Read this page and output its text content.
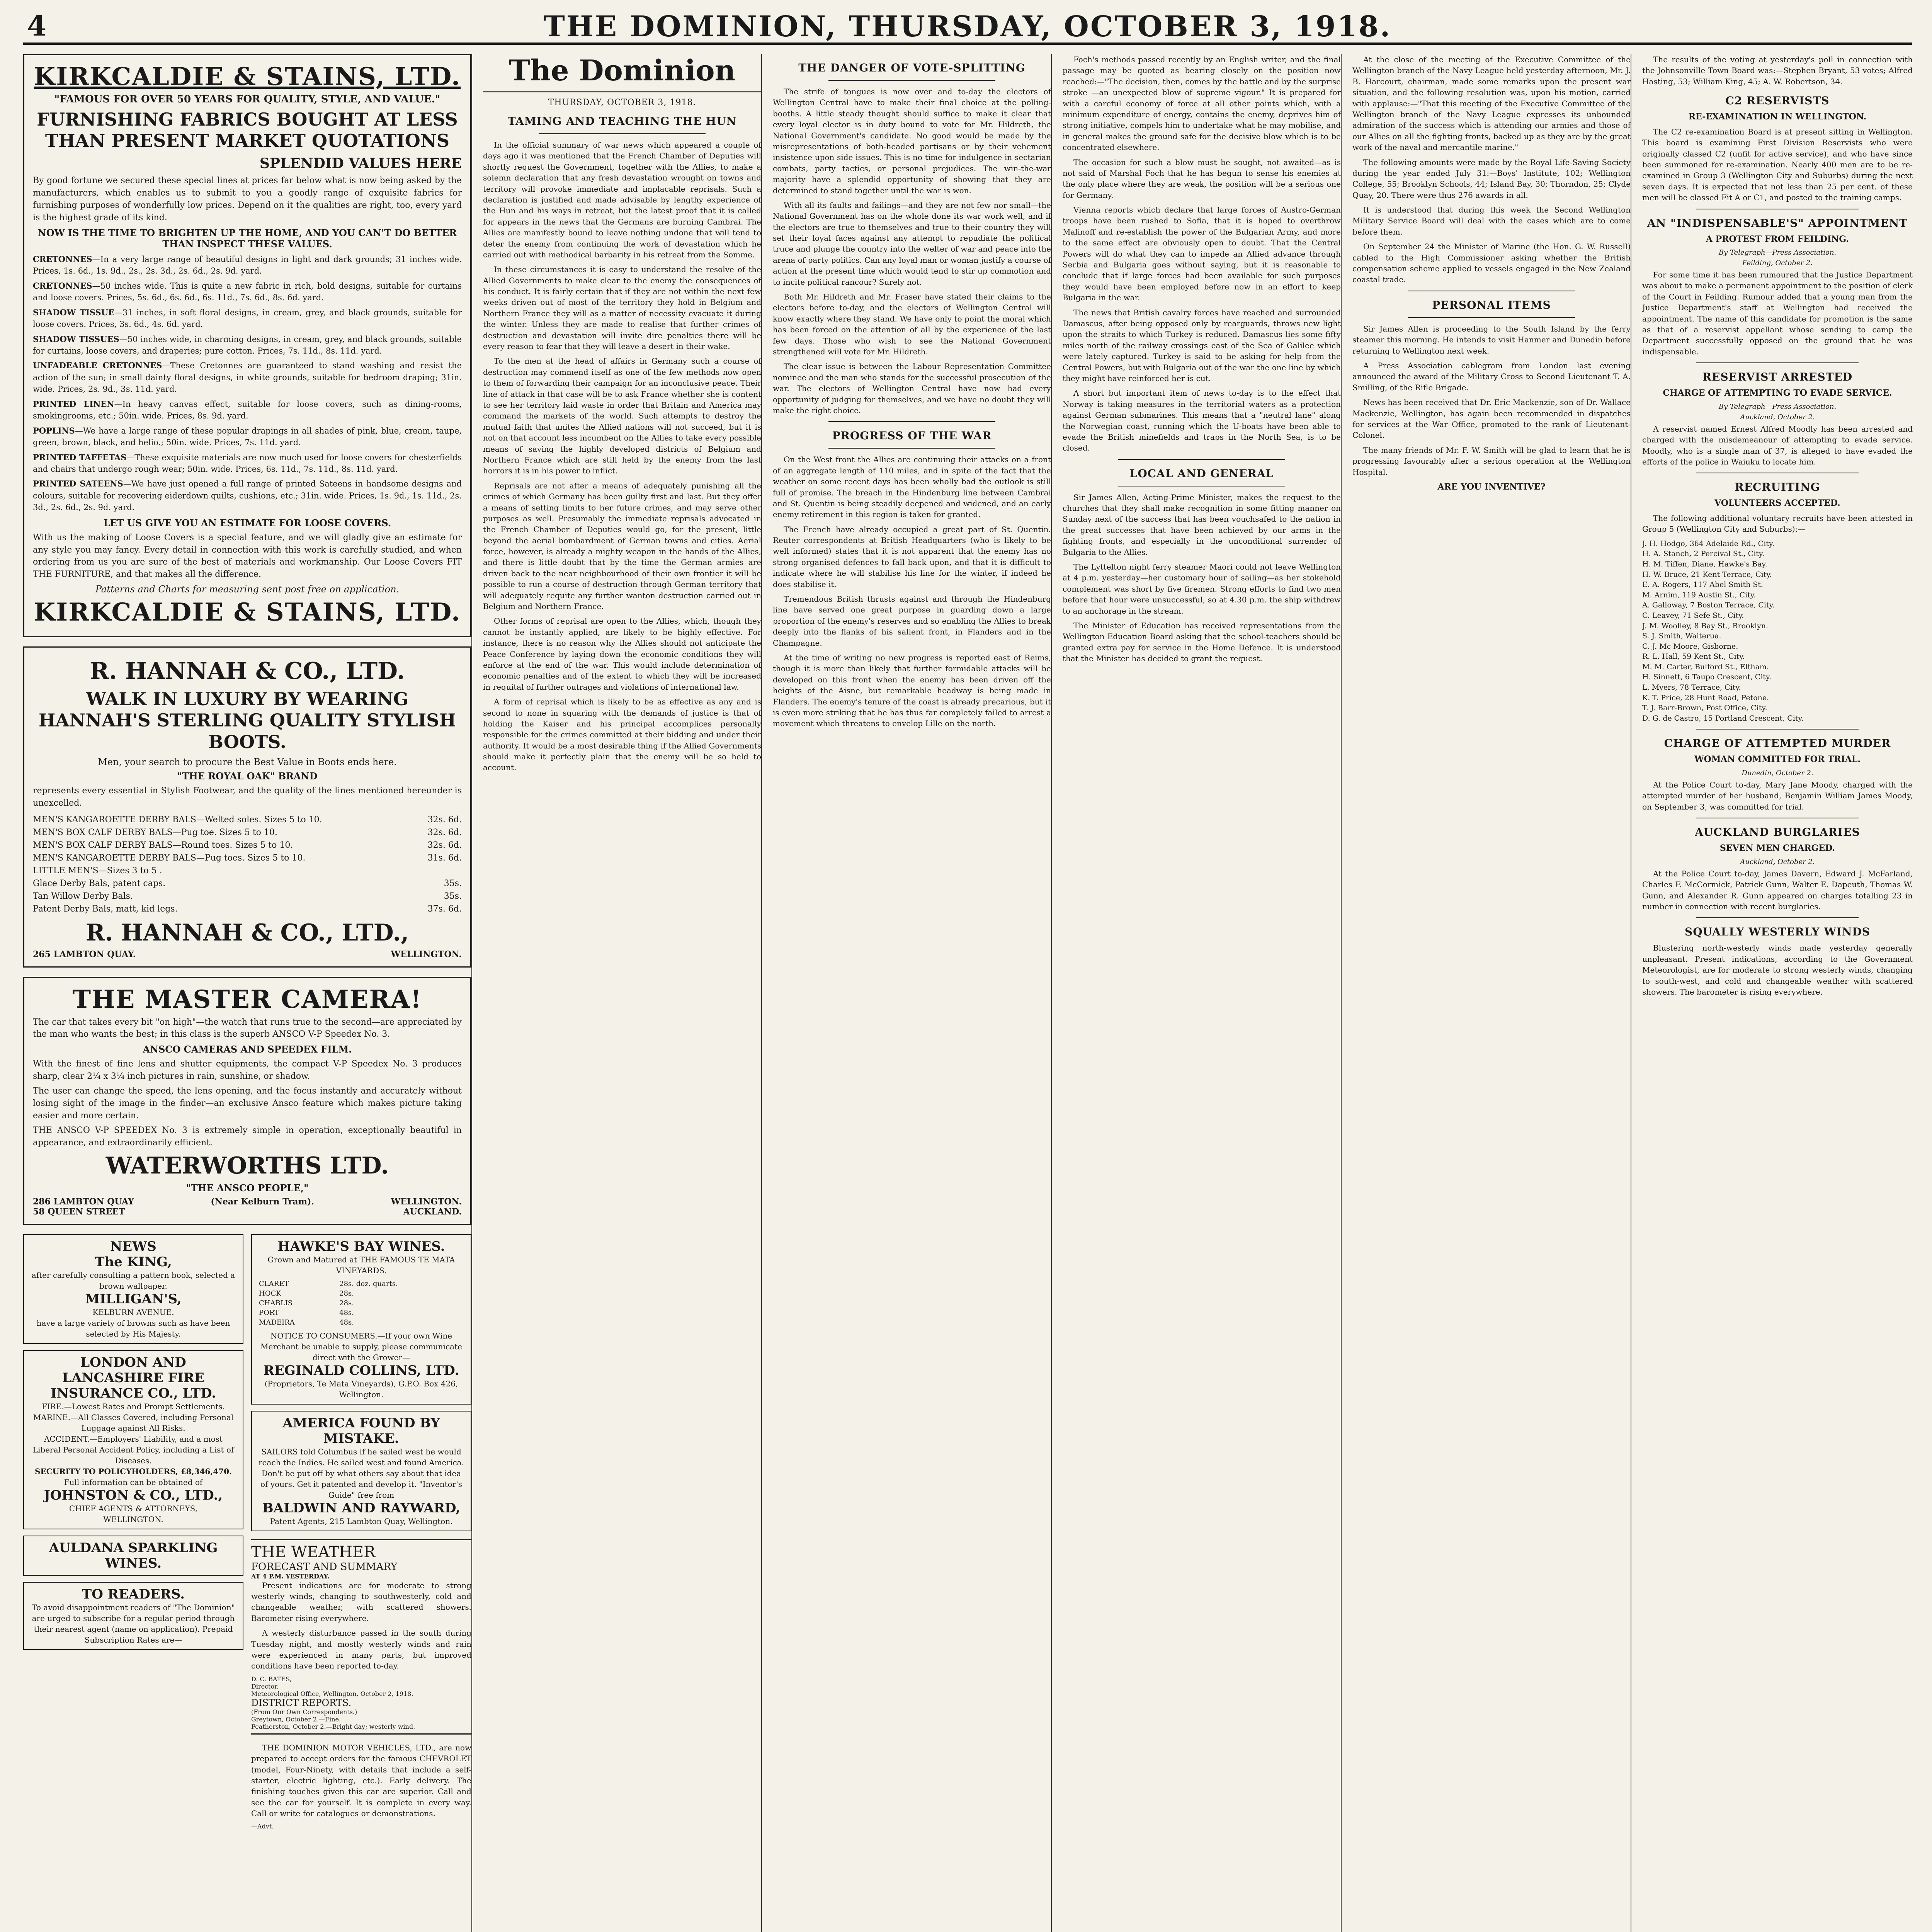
4	THE DOMINION, THURSDAY, OCTOBER 3, 1918.
KIRKCALDIE & STAINS, LTD.
"FAMOUS FOR OVER 50 YEARS FOR QUALITY, STYLE, AND VALUE."
FURNISHING FABRICS BOUGHT AT LESS THAN PRESENT MARKET QUOTATIONS
SPLENDID VALUES HERE

By good fortune we secured these special lines at prices far below what is now being asked by the manufacturers, which enables us to submit to you a goodly range of exquisite fabrics for furnishing purposes of wonderfully low prices. Depend on it the qualities are right, too, every yard is the highest grade of its kind.

NOW IS THE TIME TO BRIGHTEN UP THE HOME, AND YOU CAN'T DO BETTER THAN INSPECT THESE VALUES.
CRETONNES—In a very large range of beautiful designs in light and dark grounds; 31 inches wide. Prices, 1s. 6d., 1s. 9d., 2s., 2s. 3d., 2s. 6d., 2s. 9d. yard.
CRETONNES—50 inches wide. This is quite a new fabric in rich, bold designs, suitable for curtains and loose covers. Prices, 5s. 6d., 6s. 6d., 6s. 11d., 7s. 6d., 8s. 6d. yard.
SHADOW TISSUE—31 inches, in soft floral designs, in cream, grey, and black grounds, suitable for loose covers. Prices, 3s. 6d., 4s. 6d. yard.
SHADOW TISSUES—50 inches wide, in charming designs, in cream, grey, and black grounds, suitable for curtains, loose covers, and draperies; pure cotton. Prices, 7s. 11d., 8s. 11d. yard.
UNFADEABLE CRETONNES—These Cretonnes are guaranteed to stand washing and resist the action of the sun; in small dainty floral designs, in white grounds, suitable for bedroom draping; 31in. wide. Prices, 2s. 9d., 3s. 11d. yard.
PRINTED LINEN—In heavy canvas effect, suitable for loose covers, such as dining-rooms, smokingrooms, etc.; 50in. wide. Prices, 8s. 9d. yard.
POPLINS—We have a large range of these popular drapings in all shades of pink, blue, cream, taupe, green, brown, black, and helio.; 50in. wide. Prices, 7s. 11d. yard.
PRINTED TAFFETAS—These exquisite materials are now much used for loose covers for chesterfields and chairs that undergo rough wear; 50in. wide. Prices, 6s. 11d., 7s. 11d., 8s. 11d. yard.
PRINTED SATEENS—We have just opened a full range of printed Sateens in handsome designs and colours, suitable for recovering eiderdown quilts, cushions, etc.; 31in. wide. Prices, 1s. 9d., 1s. 11d., 2s. 3d., 2s. 6d., 2s. 9d. yard.
LET US GIVE YOU AN ESTIMATE FOR LOOSE COVERS.

With us the making of Loose Covers is a special feature, and we will gladly give an estimate for any style you may fancy. Every detail in connection with this work is carefully studied, and when ordering from us you are sure of the best of materials and workmanship. Our Loose Covers FIT THE FURNITURE, and that makes all the difference.

Patterns and Charts for measuring sent post free on application.
KIRKCALDIE & STAINS, LTD.
R. HANNAH & CO., LTD.
WALK IN LUXURY BY WEARING HANNAH'S STERLING QUALITY STYLISH BOOTS.
Men, your search to procure the Best Value in Boots ends here.
"THE ROYAL OAK" BRAND

represents every essential in Stylish Footwear, and the quality of the lines mentioned hereunder is unexcelled.

MEN'S KANGAROETTE DERBY BALS—Welted soles. Sizes 5 to 10.	32s. 6d.
MEN'S BOX CALF DERBY BALS—Pug toe. Sizes 5 to 10.	32s. 6d.
MEN'S BOX CALF DERBY BALS—Round toes. Sizes 5 to 10.	32s. 6d.
MEN'S KANGAROETTE DERBY BALS—Pug toes. Sizes 5 to 10.	31s. 6d.
LITTLE MEN'S—Sizes 3 to 5 .
Glace Derby Bals, patent caps.	35s.
Tan Willow Derby Bals.	35s.
Patent Derby Bals, matt, kid legs.	37s. 6d.
R. HANNAH & CO., LTD.,
265 LAMBTON QUAY.	WELLINGTON.
THE MASTER CAMERA!

The car that takes every bit "on high"—the watch that runs true to the second—are appreciated by the man who wants the best; in this class is the superb ANSCO V-P Speedex No. 3.

ANSCO CAMERAS AND SPEEDEX FILM.

With the finest of fine lens and shutter equipments, the compact V-P Speedex No. 3 produces sharp, clear 2¼ x 3¼ inch pictures in rain, sunshine, or shadow.

The user can change the speed, the lens opening, and the focus instantly and accurately without losing sight of the image in the finder—an exclusive Ansco feature which makes picture taking easier and more certain.

THE ANSCO V-P SPEEDEX No. 3 is extremely simple in operation, exceptionally beautiful in appearance, and extraordinarily efficient.

WATERWORTHS LTD.
"THE ANSCO PEOPLE,"
286 LAMBTON QUAY	(Near Kelburn Tram).	WELLINGTON.
58 QUEEN STREET	AUCKLAND.
NEWS
The KING,
after carefully consulting a pattern book, selected a brown wallpaper.
MILLIGAN'S,
KELBURN AVENUE.
have a large variety of browns such as have been selected by His Majesty.
LONDON AND LANCASHIRE FIRE INSURANCE CO., LTD.
FIRE.—Lowest Rates and Prompt Settlements.
MARINE.—All Classes Covered, including Personal Luggage against All Risks.
ACCIDENT.—Employers' Liability, and a most Liberal Personal Accident Policy, including a List of Diseases.
SECURITY TO POLICYHOLDERS, £8,346,470.
Full information can be obtained of
JOHNSTON & CO., LTD.,
CHIEF AGENTS & ATTORNEYS,
WELLINGTON.
AULDANA SPARKLING WINES.
TO READERS.
To avoid disappointment readers of "The Dominion" are urged to subscribe for a regular period through their nearest agent (name on application). Prepaid Subscription Rates are—
HAWKE'S BAY WINES.
Grown and Matured at THE FAMOUS TE MATA VINEYARDS.
CLARET	28s. doz. quarts.
HOCK	28s.
CHABLIS	28s.
PORT	48s.
MADEIRA	48s.
NOTICE TO CONSUMERS.—If your own Wine Merchant be unable to supply, please communicate direct with the Grower—
REGINALD COLLINS, LTD.
(Proprietors, Te Mata Vineyards), G.P.O. Box 426, Wellington.
AMERICA FOUND BY MISTAKE.
SAILORS told Columbus if he sailed west he would reach the Indies. He sailed west and found America. Don't be put off by what others say about that idea of yours. Get it patented and develop it. "Inventor's Guide" free from
BALDWIN AND RAYWARD,
Patent Agents, 215 Lambton Quay, Wellington.
THE WEATHER
FORECAST AND SUMMARY
AT 4 P.M. YESTERDAY.

Present indications are for moderate to strong westerly winds, changing to southwesterly, cold and changeable weather, with scattered showers. Barometer rising everywhere.

A westerly disturbance passed in the south during Tuesday night, and mostly westerly winds and rain were experienced in many parts, but improved conditions have been reported to-day.

D. C. BATES,
Director.
Meteorological Office, Wellington, October 2, 1918.
DISTRICT REPORTS.
(From Our Own Correspondents.)
Greytown, October 2.—Fine.
Featherston, October 2.—Bright day; westerly wind.

THE DOMINION MOTOR VEHICLES, LTD., are now prepared to accept orders for the famous CHEVROLET (model, Four-Ninety, with details that include a self-starter, electric lighting, etc.). Early delivery. The finishing touches given this car are superior. Call and see the car for yourself. It is complete in every way. Call or write for catalogues or demonstrations.

—Advt.
The Dominion
THURSDAY, OCTOBER 3, 1918.
TAMING AND TEACHING THE HUN

In the official summary of war news which appeared a couple of days ago it was mentioned that the French Chamber of Deputies will shortly request the Government, together with the Allies, to make a solemn declaration that any fresh devastation wrought on towns and territory will provoke immediate and implacable reprisals. Such a declaration is justified and made advisable by lengthy experience of the Hun and his ways in retreat, but the latest proof that it is called for appears in the news that the Germans are burning Cambrai. The Allies are manifestly bound to leave nothing undone that will tend to deter the enemy from continuing the work of devastation which he carried out with methodical barbarity in his retreat from the Somme.

In these circumstances it is easy to understand the resolve of the Allied Governments to make clear to the enemy the consequences of his conduct. It is fairly certain that if they are not within the next few weeks driven out of most of the territory they hold in Belgium and Northern France they will as a matter of necessity evacuate it during the winter. Unless they are made to realise that further crimes of destruction and devastation will invite dire penalties there will be every reason to fear that they will leave a desert in their wake.

To the men at the head of affairs in Germany such a course of destruction may commend itself as one of the few methods now open to them of forwarding their campaign for an inconclusive peace. Their line of attack in that case will be to ask France whether she is content to see her territory laid waste in order that Britain and America may command the markets of the world. Such attempts to destroy the mutual faith that unites the Allied nations will not succeed, but it is not on that account less incumbent on the Allies to take every possible means of saving the highly developed districts of Belgium and Northern France which are still held by the enemy from the last horrors it is in his power to inflict.

Reprisals are not after a means of adequately punishing all the crimes of which Germany has been guilty first and last. But they offer a means of setting limits to her future crimes, and may serve other purposes as well. Presumably the immediate reprisals advocated in the French Chamber of Deputies would go, for the present, little beyond the aerial bombardment of German towns and cities. Aerial force, however, is already a mighty weapon in the hands of the Allies, and there is little doubt that by the time the German armies are driven back to the near neighbourhood of their own frontier it will be possible to run a course of destruction through German territory that will adequately requite any further wanton destruction carried out in Belgium and Northern France.

Other forms of reprisal are open to the Allies, which, though they cannot be instantly applied, are likely to be highly effective. For instance, there is no reason why the Allies should not anticipate the Peace Conference by laying down the economic conditions they will enforce at the end of the war. This would include determination of economic penalties and of the extent to which they will be increased in requital of further outrages and violations of international law.

A form of reprisal which is likely to be as effective as any and is second to none in squaring with the demands of justice is that of holding the Kaiser and his principal accomplices personally responsible for the crimes committed at their bidding and under their authority. It would be a most desirable thing if the Allied Governments should make it perfectly plain that the enemy will be so held to account.

THE DANGER OF VOTE-SPLITTING

The strife of tongues is now over and to-day the electors of Wellington Central have to make their final choice at the polling-booths. A little steady thought should suffice to make it clear that every loyal elector is in duty bound to vote for Mr. Hildreth, the National Government's candidate. No good would be made by the misrepresentations of both-headed partisans or by their vehement insistence upon side issues. This is no time for indulgence in sectarian combats, party tactics, or personal prejudices. The win-the-war majority have a splendid opportunity of showing that they are determined to stand together until the war is won.

With all its faults and failings—and they are not few nor small—the National Government has on the whole done its war work well, and if the electors are true to themselves and true to their country they will set their loyal faces against any attempt to repudiate the political truce and plunge the country into the welter of war and peace into the arena of party politics. Can any loyal man or woman justify a course of action at the present time which would tend to stir up commotion and to incite political rancour? Surely not.

Both Mr. Hildreth and Mr. Fraser have stated their claims to the electors before to-day, and the electors of Wellington Central will know exactly where they stand. We have only to point the moral which has been forced on the attention of all by the experience of the last few days. Those who wish to see the National Government strengthened will vote for Mr. Hildreth.

The clear issue is between the Labour Representation Committee nominee and the man who stands for the successful prosecution of the war. The electors of Wellington Central have now had every opportunity of judging for themselves, and we have no doubt they will make the right choice.

PROGRESS OF THE WAR

On the West front the Allies are continuing their attacks on a front of an aggregate length of 110 miles, and in spite of the fact that the weather on some recent days has been wholly bad the outlook is still full of promise. The breach in the Hindenburg line between Cambrai and St. Quentin is being steadily deepened and widened, and an early enemy retirement in this region is taken for granted.

The French have already occupied a great part of St. Quentin. Reuter correspondents at British Headquarters (who is likely to be well informed) states that it is not apparent that the enemy has no strong organised defences to fall back upon, and that it is difficult to indicate where he will stabilise his line for the winter, if indeed he does stabilise it.

Tremendous British thrusts against and through the Hindenburg line have served one great purpose in guarding down a large proportion of the enemy's reserves and so enabling the Allies to break deeply into the flanks of his salient front, in Flanders and in the Champagne.

At the time of writing no new progress is reported east of Reims, though it is more than likely that further formidable attacks will be developed on this front when the enemy has been driven off the heights of the Aisne, but remarkable headway is being made in Flanders. The enemy's tenure of the coast is already precarious, but it is even more striking that he has thus far completely failed to arrest a movement which threatens to envelop Lille on the north.

Foch's methods passed recently by an English writer, and the final passage may be quoted as bearing closely on the position now reached:—"The decision, then, comes by the battle and by the surprise stroke —an unexpected blow of supreme vigour." It is prepared for with a careful economy of force at all other points which, with a minimum expenditure of energy, contains the enemy, deprives him of strong initiative, compels him to undertake what he may mobilise, and in general makes the ground safe for the decisive blow which is to be concentrated elsewhere.

The occasion for such a blow must be sought, not awaited—as is not said of Marshal Foch that he has begun to sense his enemies at the only place where they are weak, the position will be a serious one for Germany.

Vienna reports which declare that large forces of Austro-German troops have been rushed to Sofia, that it is hoped to overthrow Malinoff and re-establish the power of the Bulgarian Army, and more to the same effect are obviously open to doubt. That the Central Powers will do what they can to impede an Allied advance through Serbia and Bulgaria goes without saying, but it is reasonable to conclude that if large forces had been available for such purposes they would have been employed before now in an effort to keep Bulgaria in the war.

The news that British cavalry forces have reached and surrounded Damascus, after being opposed only by rearguards, throws new light upon the straits to which Turkey is reduced. Damascus lies some fifty miles north of the railway crossings east of the Sea of Galilee which were lately captured. Turkey is said to be asking for help from the Central Powers, but with Bulgaria out of the war the one line by which they might have reinforced her is cut.

A short but important item of news to-day is to the effect that Norway is taking measures in the territorial waters as a protection against German submarines. This means that a "neutral lane" along the Norwegian coast, running which the U-boats have been able to evade the British minefields and traps in the North Sea, is to be closed.

LOCAL AND GENERAL

Sir James Allen, Acting-Prime Minister, makes the request to the churches that they shall make recognition in some fitting manner on Sunday next of the success that has been vouchsafed to the nation in the great successes that have been achieved by our arms in the fighting fronts, and especially in the unconditional surrender of Bulgaria to the Allies.

The Lyttelton night ferry steamer Maori could not leave Wellington at 4 p.m. yesterday—her customary hour of sailing—as her stokehold complement was short by five firemen. Strong efforts to find two men before that hour were unsuccessful, so at 4.30 p.m. the ship withdrew to an anchorage in the stream.

The Minister of Education has received representations from the Wellington Education Board asking that the school-teachers should be granted extra pay for service in the Home Defence. It is understood that the Minister has decided to grant the request.

At the close of the meeting of the Executive Committee of the Wellington branch of the Navy League held yesterday afternoon, Mr. J. B. Harcourt, chairman, made some remarks upon the present war situation, and the following resolution was, upon his motion, carried with applause:—"That this meeting of the Executive Committee of the Wellington branch of the Navy League expresses its unbounded admiration of the success which is attending our armies and those of our Allies on all the fighting fronts, backed up as they are by the great work of the naval and mercantile marine."

The following amounts were made by the Royal Life-Saving Society during the year ended July 31:—Boys' Institute, 102; Wellington College, 55; Brooklyn Schools, 44; Island Bay, 30; Thorndon, 25; Clyde Quay, 20. There were thus 276 awards in all.

It is understood that during this week the Second Wellington Military Service Board will deal with the cases which are to come before them.

On September 24 the Minister of Marine (the Hon. G. W. Russell) cabled to the High Commissioner asking whether the British compensation scheme applied to vessels engaged in the New Zealand coastal trade.

PERSONAL ITEMS

Sir James Allen is proceeding to the South Island by the ferry steamer this morning. He intends to visit Hanmer and Dunedin before returning to Wellington next week.

A Press Association cablegram from London last evening announced the award of the Military Cross to Second Lieutenant T. A. Smilling, of the Rifle Brigade.

News has been received that Dr. Eric Mackenzie, son of Dr. Wallace Mackenzie, Wellington, has again been recommended in dispatches for services at the War Office, promoted to the rank of Lieutenant-Colonel.

The many friends of Mr. F. W. Smith will be glad to learn that he is progressing favourably after a serious operation at the Wellington Hospital.

ARE YOU INVENTIVE?

The results of the voting at yesterday's poll in connection with the Johnsonville Town Board was:—Stephen Bryant, 53 votes; Alfred Hasting, 53; William King, 45; A. W. Robertson, 34.

C2 RESERVISTS
RE-EXAMINATION IN WELLINGTON.

The C2 re-examination Board is at present sitting in Wellington. This board is examining First Division Reservists who were originally classed C2 (unfit for active service), and who have since been summoned for re-examination. Nearly 400 men are to be re-examined in Group 3 (Wellington City and Suburbs) during the next seven days. It is expected that not less than 25 per cent. of these men will be classed Fit A or C1, and posted to the training camps.

AN "INDISPENSABLE'S" APPOINTMENT
A PROTEST FROM FEILDING.
By Telegraph—Press Association.
Feilding, October 2.

For some time it has been rumoured that the Justice Department was about to make a permanent appointment to the position of clerk of the Court in Feilding. Rumour added that a young man from the Justice Department's staff at Wellington had received the appointment. The name of this candidate for promotion is the same as that of a reservist appellant whose sending to camp the Department successfully opposed on the ground that he was indispensable.

RESERVIST ARRESTED
CHARGE OF ATTEMPTING TO EVADE SERVICE.
By Telegraph—Press Association.
Auckland, October 2.

A reservist named Ernest Alfred Moodly has been arrested and charged with the misdemeanour of attempting to evade service. Moodly, who is a single man of 37, is alleged to have evaded the efforts of the police in Waiuku to locate him.

RECRUITING
VOLUNTEERS ACCEPTED.

The following additional voluntary recruits have been attested in Group 5 (Wellington City and Suburbs):—

J. H. Hodgo, 364 Adelaide Rd., City.
H. A. Stanch, 2 Percival St., City.
H. M. Tiffen, Diane, Hawke's Bay.
H. W. Bruce, 21 Kent Terrace, City.
E. A. Rogers, 117 Abel Smith St.
M. Arnim, 119 Austin St., City.
A. Galloway, 7 Boston Terrace, City.
C. Leavey, 71 Sefe St., City.
J. M. Woolley, 8 Bay St., Brooklyn.
S. J. Smith, Waiterua.
C. J. Mc Moore, Gisborne.
R. L. Hall, 59 Kent St., City.
M. M. Carter, Bulford St., Eltham.
H. Sinnett, 6 Taupo Crescent, City.
L. Myers, 78 Terrace, City.
K. T. Price, 28 Hunt Road, Petone.
T. J. Barr-Brown, Post Office, City.
D. G. de Castro, 15 Portland Crescent, City.
CHARGE OF ATTEMPTED MURDER
WOMAN COMMITTED FOR TRIAL.
Dunedin, October 2.

At the Police Court to-day, Mary Jane Moody, charged with the attempted murder of her husband, Benjamin William James Moody, on September 3, was committed for trial.

AUCKLAND BURGLARIES
SEVEN MEN CHARGED.
Auckland, October 2.

At the Police Court to-day, James Davern, Edward J. McFarland, Charles F. McCormick, Patrick Gunn, Walter E. Dapeuth, Thomas W. Gunn, and Alexander R. Gunn appeared on charges totalling 23 in number in connection with recent burglaries.

SQUALLY WESTERLY WINDS

Blustering north-westerly winds made yesterday generally unpleasant. Present indications, according to the Government Meteorologist, are for moderate to strong westerly winds, changing to south-west, and cold and changeable weather with scattered showers. The barometer is rising everywhere.
